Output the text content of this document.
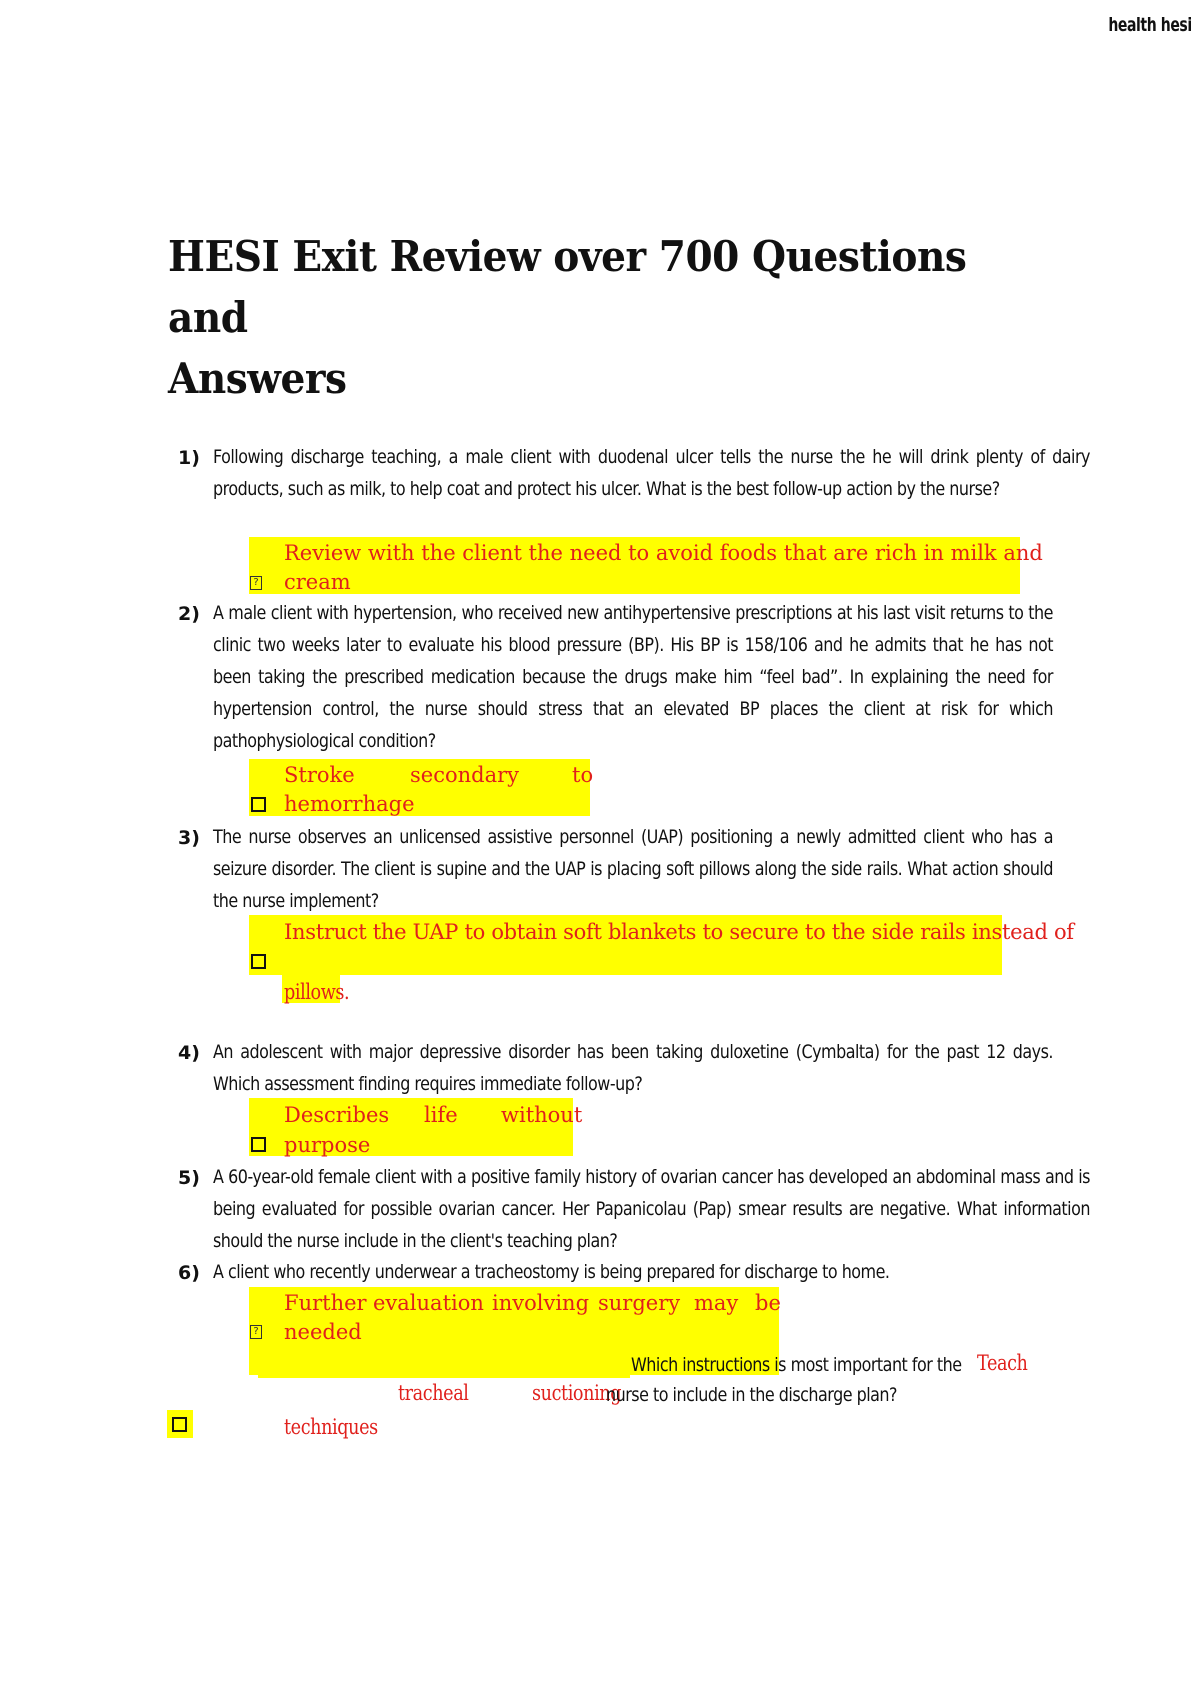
health hesi
HESI Exit Review over 700 Questions and
Answers
1) Following discharge teaching, a male client with duodenal ulcer tells the nurse the he will drink plenty of dairy products, such as milk, to help coat and protect his ulcer. What is the best follow-up action by the nurse?
Review with the client the need to avoid foods that are rich in milk and
cream
?
2) A male client with hypertension, who received new antihypertensive prescriptions at his last visit returns to the clinic two weeks later to evaluate his blood pressure (BP). His BP is 158/106 and he admits that he has not been taking the prescribed medication because the drugs make him “feel bad”. In explaining the need for hypertension control, the nurse should stress that an elevated BP places the client at risk for which pathophysiological condition?
Stroke	secondary	to
hemorrhage
3) The nurse observes an unlicensed assistive personnel (UAP) positioning a newly admitted client who has a seizure disorder. The client is supine and the UAP is placing soft pillows along the side rails. What action should the nurse implement?
Instruct the UAP to obtain soft blankets to secure to the side rails instead of
pillows.
4) An adolescent with major depressive disorder has been taking duloxetine (Cymbalta) for the past 12 days. Which assessment finding requires immediate follow-up?
Describes life without
purpose
5) A 60-year-old female client with a positive family history of ovarian cancer has developed an abdominal mass and is being evaluated for possible ovarian cancer. Her Papanicolau (Pap) smear results are negative. What information should the nurse include in the client's teaching plan?
Further evaluation involving surgery may be
needed
?
6) A client who recently underwear a tracheostomy is being prepared for discharge to home.
Which instructions is most important for the Teach
tracheal	suctioning
nurse to include in the discharge plan?
techniques
